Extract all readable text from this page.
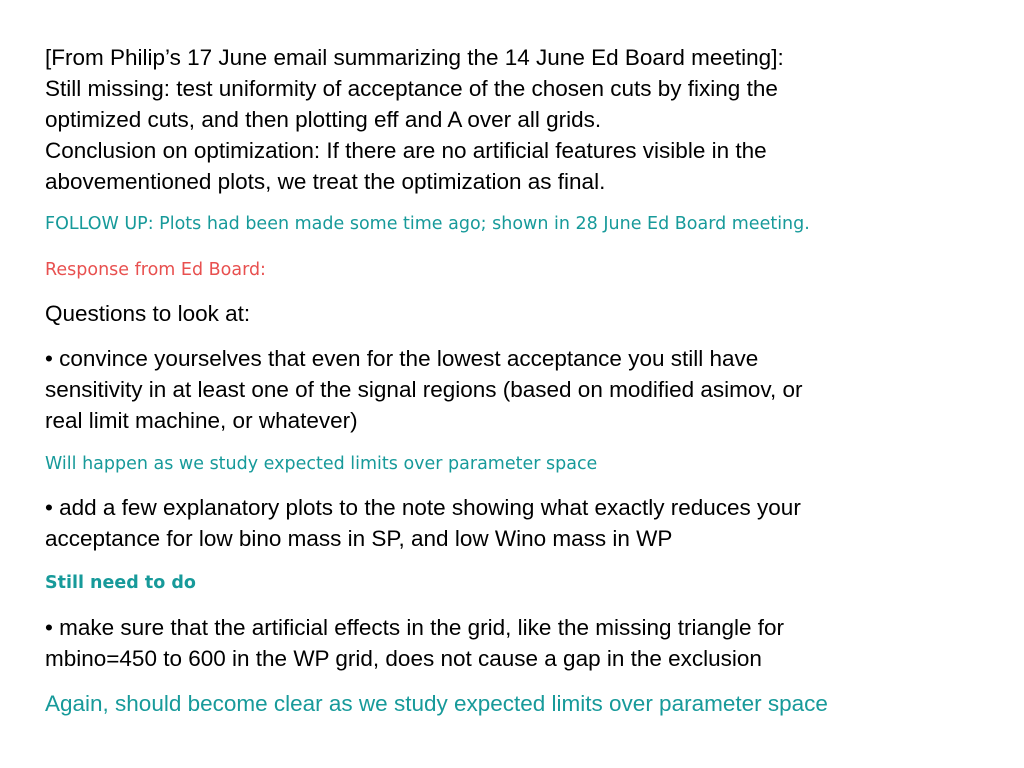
[From Philip’s 17 June email summarizing the 14 June Ed Board meeting]:
Still missing: test uniformity of acceptance of the chosen cuts by fixing the
optimized cuts, and then plotting eff and A over all grids.
Conclusion on optimization: If there are no artificial features visible in the
abovementioned plots, we treat the optimization as final.
FOLLOW UP: Plots had been made some time ago; shown in 28 June Ed Board meeting.
Response from Ed Board:
Questions to look at:
• convince yourselves that even for the lowest acceptance you still have
sensitivity in at least one of the signal regions (based on modified asimov, or
real limit machine, or whatever)
Will happen as we study expected limits over parameter space
• add a few explanatory plots to the note showing what exactly reduces your
acceptance for low bino mass in SP, and low Wino mass in WP
Still need to do
• make sure that the artificial effects in the grid, like the missing triangle for
mbino=450 to 600 in the WP grid, does not cause a gap in the exclusion
Again, should become clear as we study expected limits over parameter space
